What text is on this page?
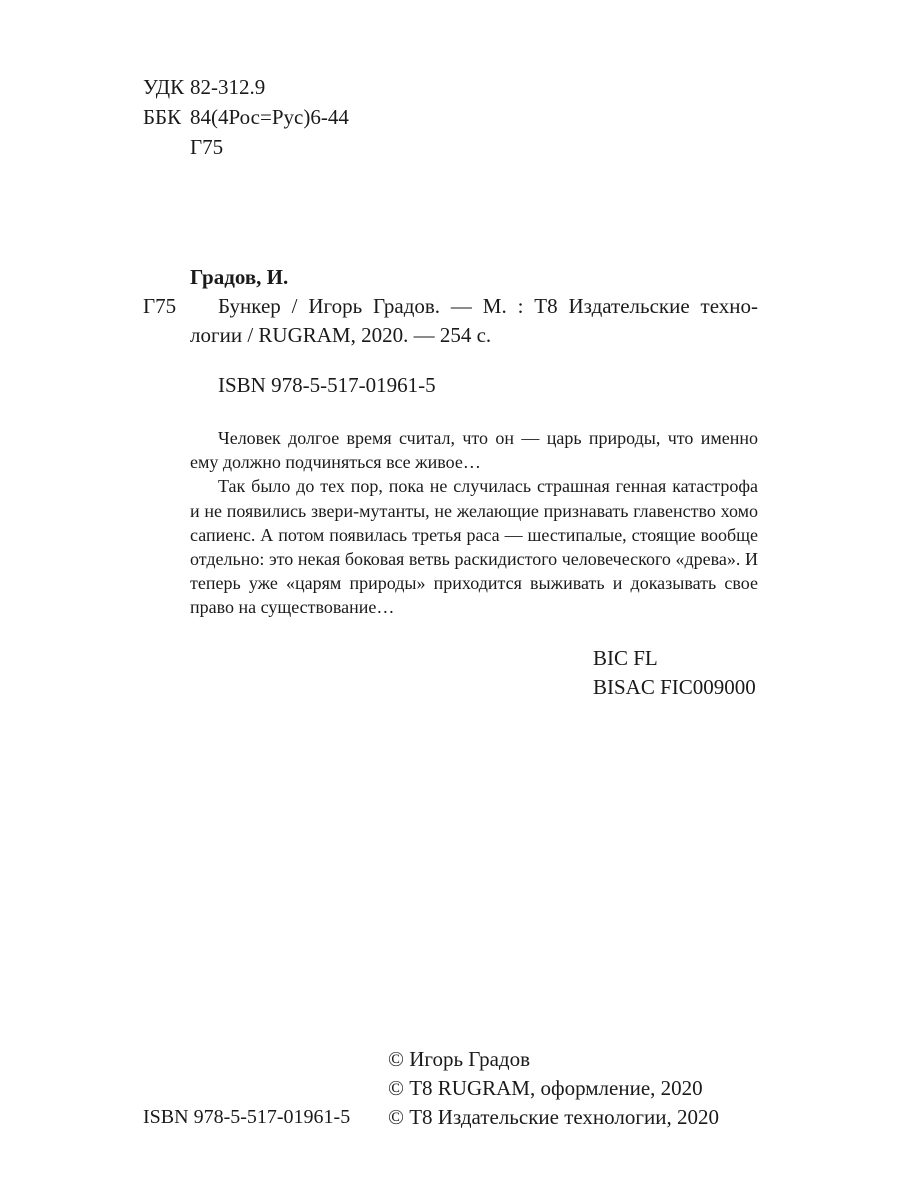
УДК 82-312.9
ББК 84(4Рос=Рус)6-44
Г75
Градов, И.
Г75 Бункер / Игорь Градов. — М. : Т8 Издательские техно-
логии / RUGRAM, 2020. — 254 с.
ISBN 978-5-517-01961-5

Человек долгое время считал, что он — царь природы, что именно ему должно подчиняться все живое…

Так было до тех пор, пока не случилась страшная генная катастрофа и не появились звери-мутанты, не желающие признавать главенство хомо сапиенс. А потом появилась третья раса — шестипалые, стоящие вообще отдельно: это некая боковая ветвь раскидистого человеческого «древа». И теперь уже «царям природы» приходится выживать и доказывать свое право на существование…

BIC FL
BISAC FIC009000
© Игорь Градов
© Т8 RUGRAM, оформление, 2020
ISBN 978-5-517-01961-5 © Т8 Издательские технологии, 2020
